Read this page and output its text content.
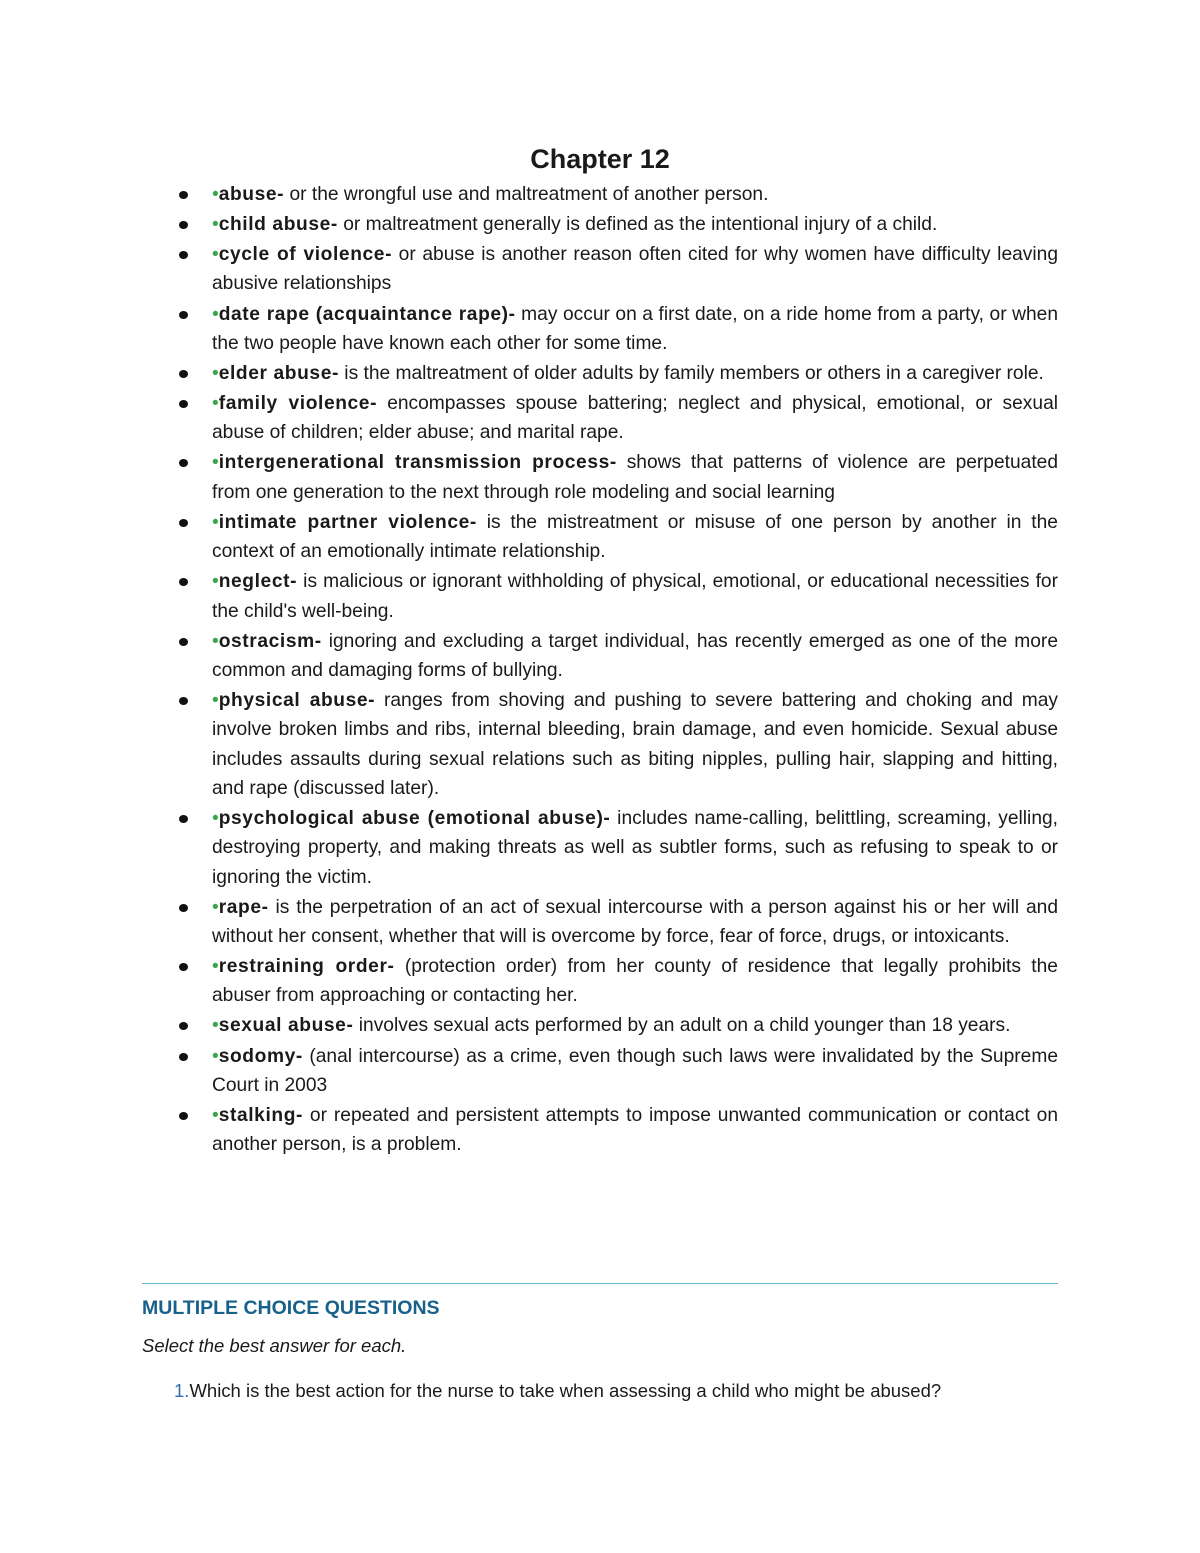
Chapter 12
•abuse- or the wrongful use and maltreatment of another person.
•child abuse- or maltreatment generally is defined as the intentional injury of a child.
•cycle of violence- or abuse is another reason often cited for why women have difficulty leaving abusive relationships
•date rape (acquaintance rape)- may occur on a first date, on a ride home from a party, or when the two people have known each other for some time.
•elder abuse- is the maltreatment of older adults by family members or others in a caregiver role.
•family violence- encompasses spouse battering; neglect and physical, emotional, or sexual abuse of children; elder abuse; and marital rape.
•intergenerational transmission process- shows that patterns of violence are perpetuated from one generation to the next through role modeling and social learning
•intimate partner violence- is the mistreatment or misuse of one person by another in the context of an emotionally intimate relationship.
•neglect- is malicious or ignorant withholding of physical, emotional, or educational necessities for the child's well-being.
•ostracism- ignoring and excluding a target individual, has recently emerged as one of the more common and damaging forms of bullying.
•physical abuse- ranges from shoving and pushing to severe battering and choking and may involve broken limbs and ribs, internal bleeding, brain damage, and even homicide. Sexual abuse includes assaults during sexual relations such as biting nipples, pulling hair, slapping and hitting, and rape (discussed later).
•psychological abuse (emotional abuse)- includes name-calling, belittling, screaming, yelling, destroying property, and making threats as well as subtler forms, such as refusing to speak to or ignoring the victim.
•rape- is the perpetration of an act of sexual intercourse with a person against his or her will and without her consent, whether that will is overcome by force, fear of force, drugs, or intoxicants.
•restraining order- (protection order) from her county of residence that legally prohibits the abuser from approaching or contacting her.
•sexual abuse- involves sexual acts performed by an adult on a child younger than 18 years.
•sodomy- (anal intercourse) as a crime, even though such laws were invalidated by the Supreme Court in 2003
•stalking- or repeated and persistent attempts to impose unwanted communication or contact on another person, is a problem.
MULTIPLE CHOICE QUESTIONS

Select the best answer for each.

1.Which is the best action for the nurse to take when assessing a child who might be abused?
